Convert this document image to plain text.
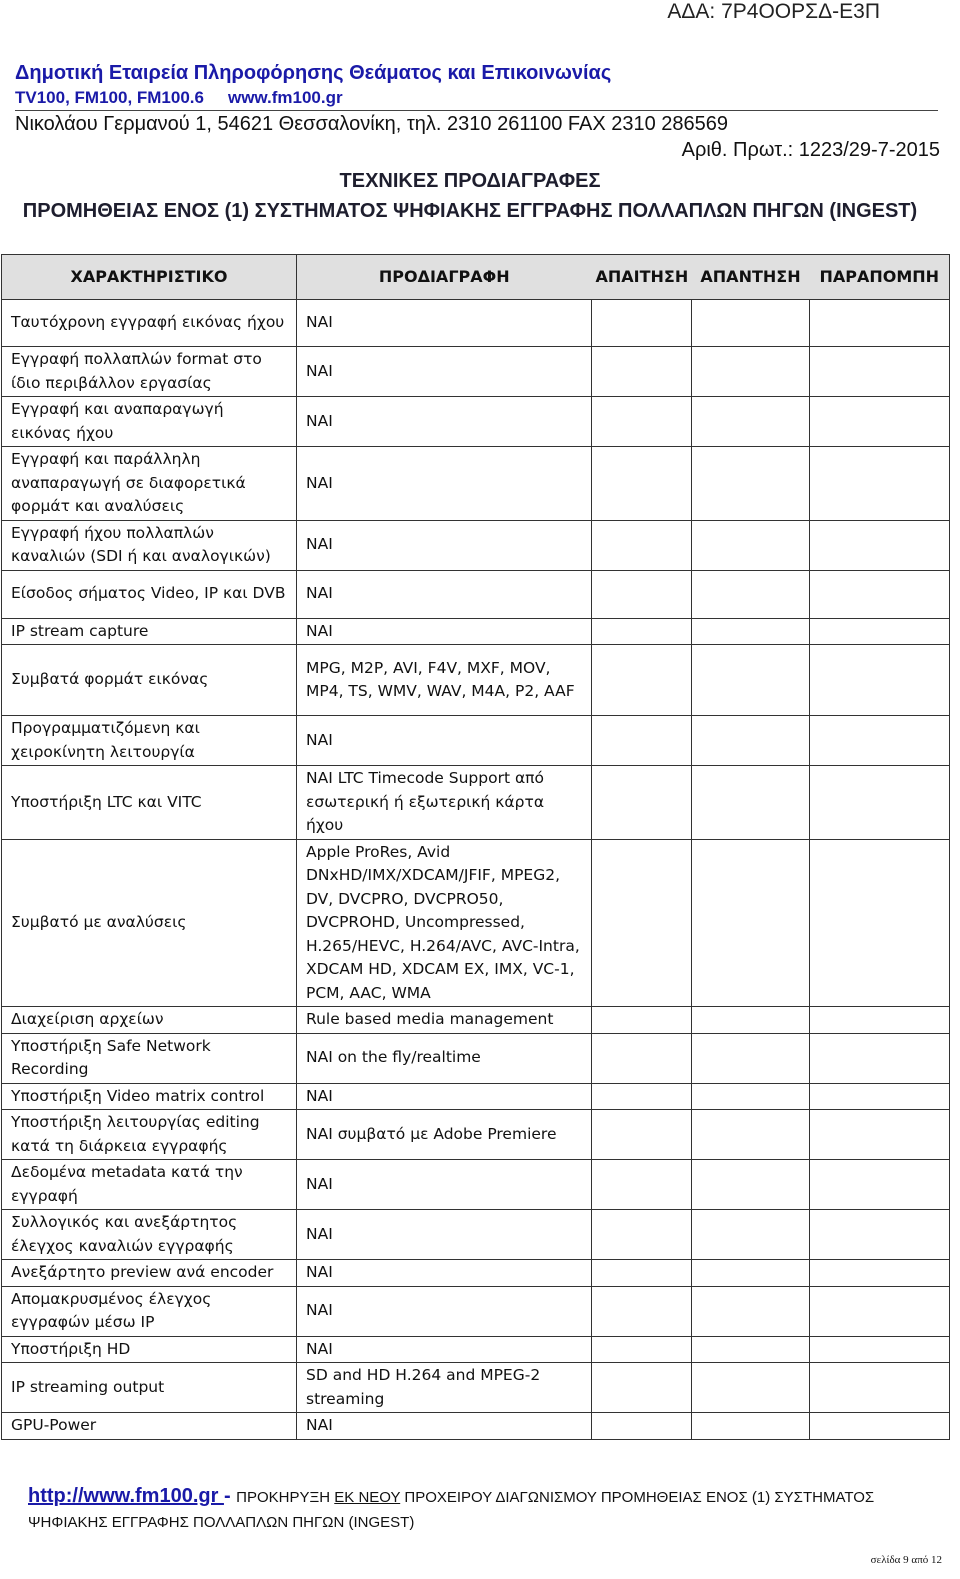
ΑΔΑ: 7Ρ4ΟΟΡΣΔ-Ε3Π
Δημοτική Εταιρεία Πληροφόρησης Θεάματος και Επικοινωνίας
TV100, FM100, FM100.6 www.fm100.gr
Νικολάου Γερμανού 1, 54621 Θεσσαλονίκη, τηλ. 2310 261100 FAX 2310 286569
Αριθ. Πρωτ.: 1223/29-7-2015
ΤΕΧΝΙΚΕΣ ΠΡΟΔΙΑΓΡΑΦΕΣ
ΠΡΟΜΗΘΕΙΑΣ ΕΝΟΣ (1) ΣΥΣΤΗΜΑΤΟΣ ΨΗΦΙΑΚΗΣ ΕΓΓΡΑΦΗΣ ΠΟΛΛΑΠΛΩΝ ΠΗΓΩΝ (INGEST)
ΧΑΡΑΚΤΗΡΙΣΤΙΚΟ	ΠΡΟΔΙΑΓΡΑΦΗ	ΑΠΑΙΤΗΣΗ	ΑΠΑΝΤΗΣΗ	ΠΑΡΑΠΟΜΠΗ
Ταυτόχρονη εγγραφή εικόνας ήχου	ΝΑΙ			
Εγγραφή πολλαπλών format στο ίδιο περιβάλλον εργασίας	ΝΑΙ			
Εγγραφή και αναπαραγωγή εικόνας ήχου	ΝΑΙ			
Εγγραφή και παράλληλη αναπαραγωγή σε διαφορετικά φορμάτ και αναλύσεις	ΝΑΙ			
Εγγραφή ήχου πολλαπλών καναλιών (SDI ή και αναλογικών)	ΝΑΙ			
Είσοδος σήματος Video, IP και DVB	ΝΑΙ			
IP stream capture	ΝΑΙ			
Συμβατά φορμάτ εικόνας	MPG, M2P, AVI, F4V, MXF, MOV, MP4, TS, WMV, WAV, M4A, P2, AAF			
Προγραμματιζόμενη και χειροκίνητη λειτουργία	ΝΑΙ			
Υποστήριξη LTC και VITC	ΝΑΙ LTC Timecode Support από εσωτερική ή εξωτερική κάρτα ήχου			
Συμβατό με αναλύσεις	Apple ProRes, Avid DNxHD/IMX/XDCAM/JFIF, MPEG2, DV, DVCPRO, DVCPRO50, DVCPROHD, Uncompressed, H.265/HEVC, H.264/AVC, AVC-Intra, XDCAM HD, XDCAM EX, IMX, VC-1, PCM, AAC, WMA			
Διαχείριση αρχείων	Rule based media management			
Υποστήριξη Safe Network Recording	ΝΑΙ on the fly/realtime			
Υποστήριξη Video matrix control	ΝΑΙ			
Υποστήριξη λειτουργίας editing κατά τη διάρκεια εγγραφής	ΝΑΙ συμβατό με Adobe Premiere			
Δεδομένα metadata κατά την εγγραφή	ΝΑΙ			
Συλλογικός και ανεξάρτητος έλεγχος καναλιών εγγραφής	ΝΑΙ			
Ανεξάρτητο preview ανά encoder	ΝΑΙ			
Απομακρυσμένος έλεγχος εγγραφών μέσω IP	ΝΑΙ			
Υποστήριξη HD	ΝΑΙ			
IP streaming output	SD and HD H.264 and MPEG-2 streaming			
GPU-Power	ΝΑΙ			
http://www.fm100.gr - ΠΡΟΚΗΡΥΞΗ ΕΚ ΝΕΟΥ ΠΡΟΧΕΙΡΟΥ ΔΙΑΓΩΝΙΣΜΟΥ ΠΡΟΜΗΘΕΙΑΣ ΕΝΟΣ (1) ΣΥΣΤΗΜΑΤΟΣ ΨΗΦΙΑΚΗΣ ΕΓΓΡΑΦΗΣ ΠΟΛΛΑΠΛΩΝ ΠΗΓΩΝ (INGEST)
σελίδα 9 από 12
